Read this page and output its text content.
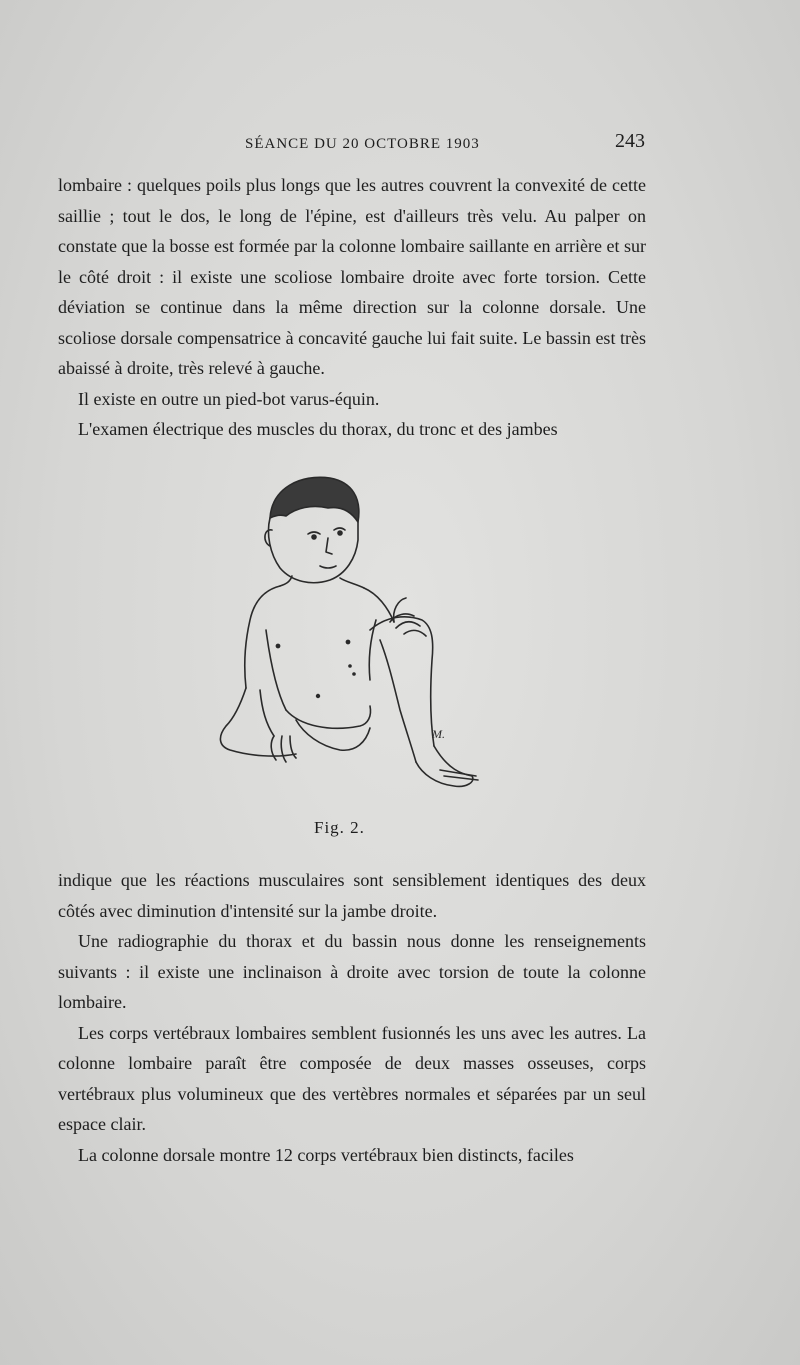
SÉANCE DU 20 OCTOBRE 1903	243

lombaire : quelques poils plus longs que les autres couvrent la convexité de cette saillie ; tout le dos, le long de l'épine, est d'ailleurs très velu. Au palper on constate que la bosse est formée par la colonne lombaire saillante en arrière et sur le côté droit : il existe une scoliose lombaire droite avec forte torsion. Cette déviation se continue dans la même direction sur la colonne dorsale. Une scoliose dorsale compensatrice à concavité gauche lui fait suite. Le bassin est très abaissé à droite, très relevé à gauche.

Il existe en outre un pied-bot varus-équin.

L'examen électrique des muscles du thorax, du tronc et des jambes

M.
Fig. 2.

indique que les réactions musculaires sont sensiblement identiques des deux côtés avec diminution d'intensité sur la jambe droite.

Une radiographie du thorax et du bassin nous donne les renseignements suivants : il existe une inclinaison à droite avec torsion de toute la colonne lombaire.

Les corps vertébraux lombaires semblent fusionnés les uns avec les autres. La colonne lombaire paraît être composée de deux masses osseuses, corps vertébraux plus volumineux que des vertèbres normales et séparées par un seul espace clair.

La colonne dorsale montre 12 corps vertébraux bien distincts, faciles
